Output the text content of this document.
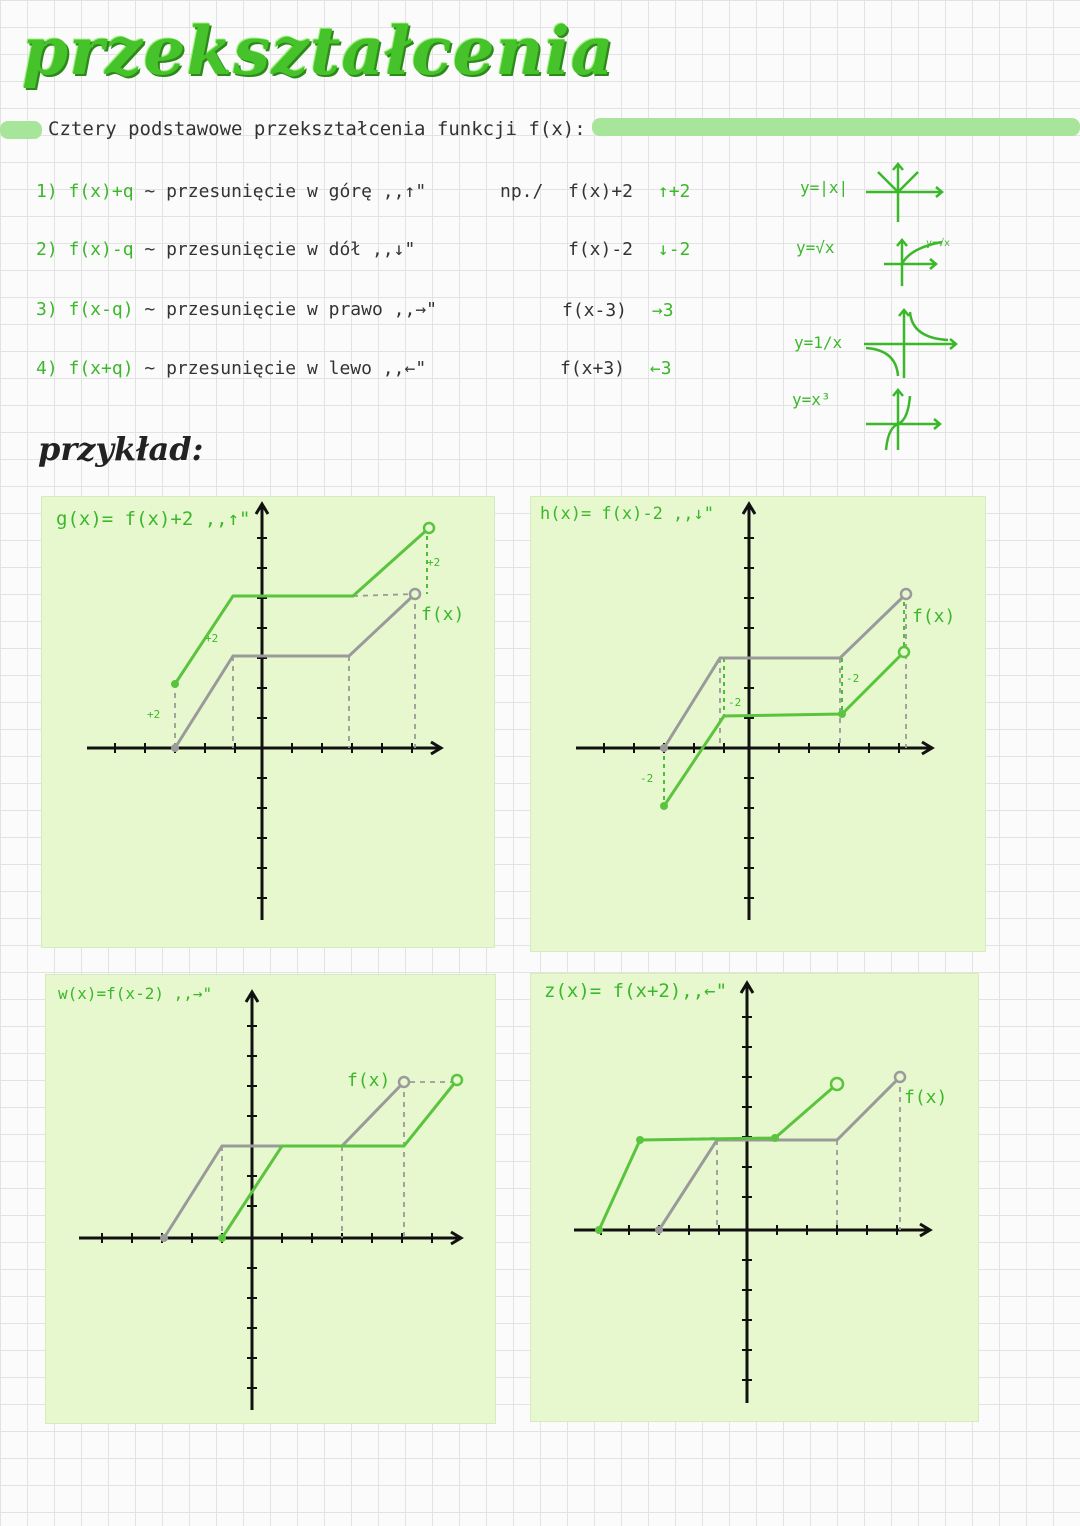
przekształcenia
Cztery podstawowe przekształcenia funkcji f(x):
1) f(x)+q ~ przesunięcie w górę ,,↑"
2) f(x)-q ~ przesunięcie w dół ,,↓"
3) f(x-q) ~ przesunięcie w prawo ,,→"
4) f(x+q) ~ przesunięcie w lewo ,,←"
np./ f(x)+2 ↑+2
f(x)-2 ↓-2
f(x-3) →3
f(x+3) ←3
y=|x|
y=√x
y=1/x
y=x³
y=√x
przykład:
g(x)= f(x)+2 ,,↑"
+2
+2
+2
f(x)
h(x)= f(x)-2 ,,↓"
-2
-2
-2
f(x)
w(x)=f(x-2) ,,→"
f(x)
z(x)= f(x+2),,←"
f(x)
